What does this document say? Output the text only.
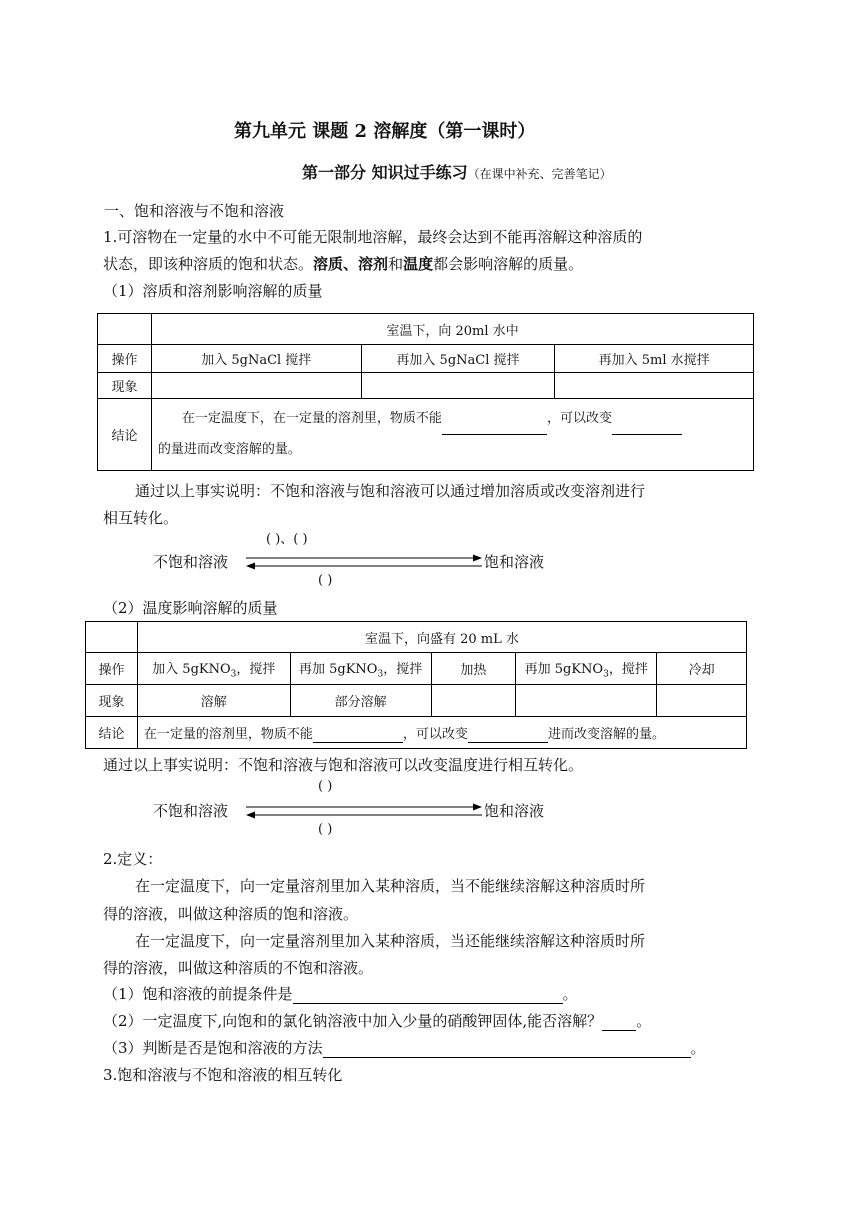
第九单元 课题 2 溶解度（第一课时）
第一部分 知识过手练习（在课中补充、完善笔记）
一、饱和溶液与不饱和溶液
1.可溶物在一定量的水中不可能无限制地溶解，最终会达到不能再溶解这种溶质的
状态，即该种溶质的饱和状态。溶质、溶剂和温度都会影响溶解的质量。
（1）溶质和溶剂影响溶解的质量
	室温下，向 20ml 水中		
操作	加入 5gNaCl 搅拌	再加入 5gNaCl 搅拌	再加入 5ml 水搅拌
现象			
结论	在一定温度下，在一定量的溶剂里，物质不能 ，可以改变
的量进而改变溶解的量。		
通过以上事实说明：不饱和溶液与饱和溶液可以通过增加溶质或改变溶剂进行
相互转化。
( )、( )
不饱和溶液	饱和溶液
( )
（2）温度影响溶解的质量
	室温下，向盛有 20 mL 水				
操作	加入 5gKNO$_3$，搅拌	再加 5gKNO$_3$，搅拌	加热	再加 5gKNO$_3$，搅拌	冷却
现象	溶解	部分溶解			
结论	在一定量的溶剂里，物质不能 ，可以改变 进而改变溶解的量。				
通过以上事实说明：不饱和溶液与饱和溶液可以改变温度进行相互转化。
( )
不饱和溶液	饱和溶液
( )
2.定义：
在一定温度下，向一定量溶剂里加入某种溶质，当不能继续溶解这种溶质时所
得的溶液，叫做这种溶质的饱和溶液。
在一定温度下，向一定量溶剂里加入某种溶质，当还能继续溶解这种溶质时所
得的溶液，叫做这种溶质的不饱和溶液。
（1）饱和溶液的前提条件是	。
（2）一定温度下,向饱和的氯化钠溶液中加入少量的硝酸钾固体,能否溶解？ 。
（3）判断是否是饱和溶液的方法	。
3.饱和溶液与不饱和溶液的相互转化
